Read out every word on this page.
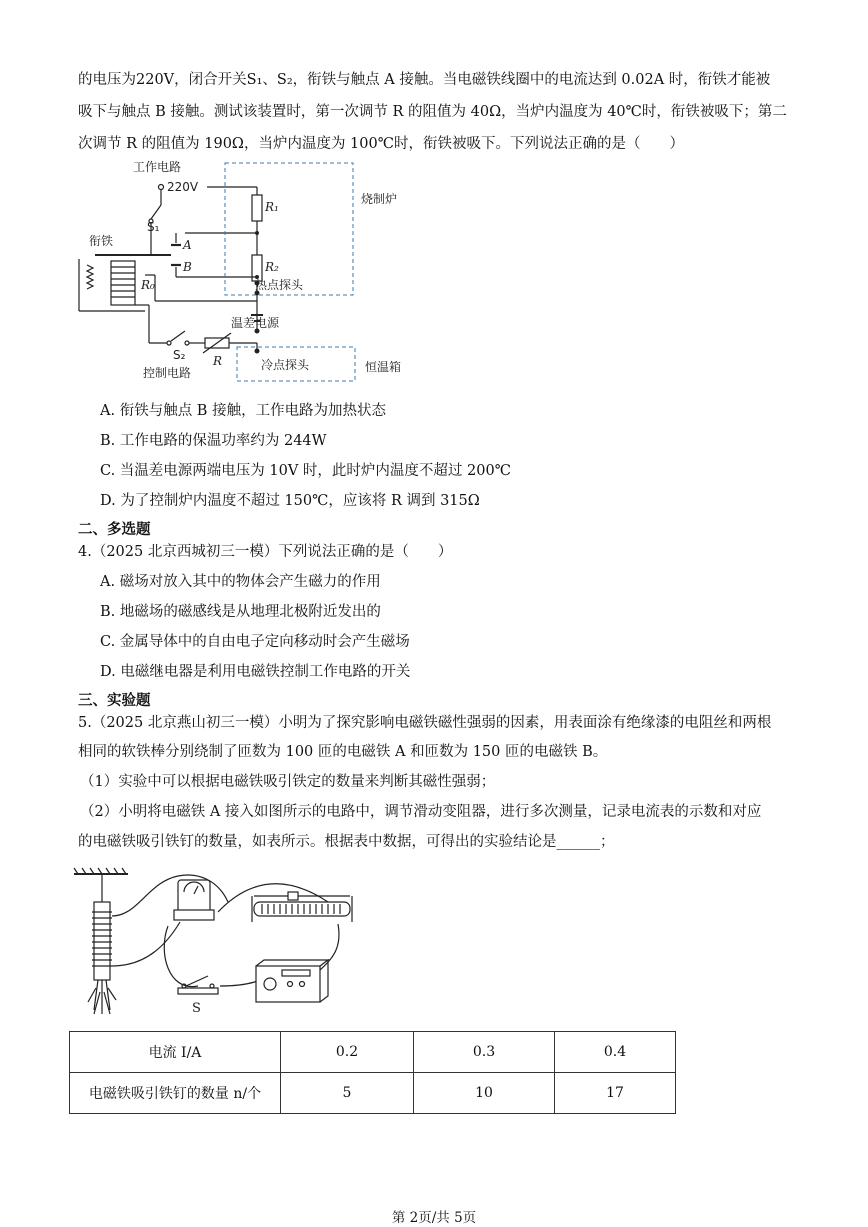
的电压为220V，闭合开关S₁、S₂，衔铁与触点 A 接触。当电磁铁线圈中的电流达到 0.02A 时，衔铁才能被
吸下与触点 B 接触。测试该装置时，第一次调节 R 的阻值为 40Ω，当炉内温度为 40℃时，衔铁被吸下；第二
次调节 R 的阻值为 190Ω，当炉内温度为 100℃时，衔铁被吸下。下列说法正确的是（　　）
工作电路
220V
S₁
衔铁	A
B
R₀
R₁
R₂
烧制炉
热点探头
温差电源
S₂ R	冷点探头	恒温箱
控制电路
A. 衔铁与触点 B 接触，工作电路为加热状态
B. 工作电路的保温功率约为 244W
C. 当温差电源两端电压为 10V 时，此时炉内温度不超过 200℃
D. 为了控制炉内温度不超过 150℃，应该将 R 调到 315Ω
二、多选题
4.（2025 北京西城初三一模）下列说法正确的是（　　）
A. 磁场对放入其中的物体会产生磁力的作用
B. 地磁场的磁感线是从地理北极附近发出的
C. 金属导体中的自由电子定向移动时会产生磁场
D. 电磁继电器是利用电磁铁控制工作电路的开关
三、实验题
5.（2025 北京燕山初三一模）小明为了探究影响电磁铁磁性强弱的因素，用表面涂有绝缘漆的电阻丝和两根
相同的软铁棒分别绕制了匝数为 100 匝的电磁铁 A 和匝数为 150 匝的电磁铁 B。
（1）实验中可以根据电磁铁吸引铁定的数量来判断其磁性强弱；
（2）小明将电磁铁 A 接入如图所示的电路中，调节滑动变阻器，进行多次测量，记录电流表的示数和对应
的电磁铁吸引铁钉的数量，如表所示。根据表中数据，可得出的实验结论是______；
S
电流 I/A	0.2	0.3	0.4
电磁铁吸引铁钉的数量 n/个	5	10	17
第 2页/共 5页
